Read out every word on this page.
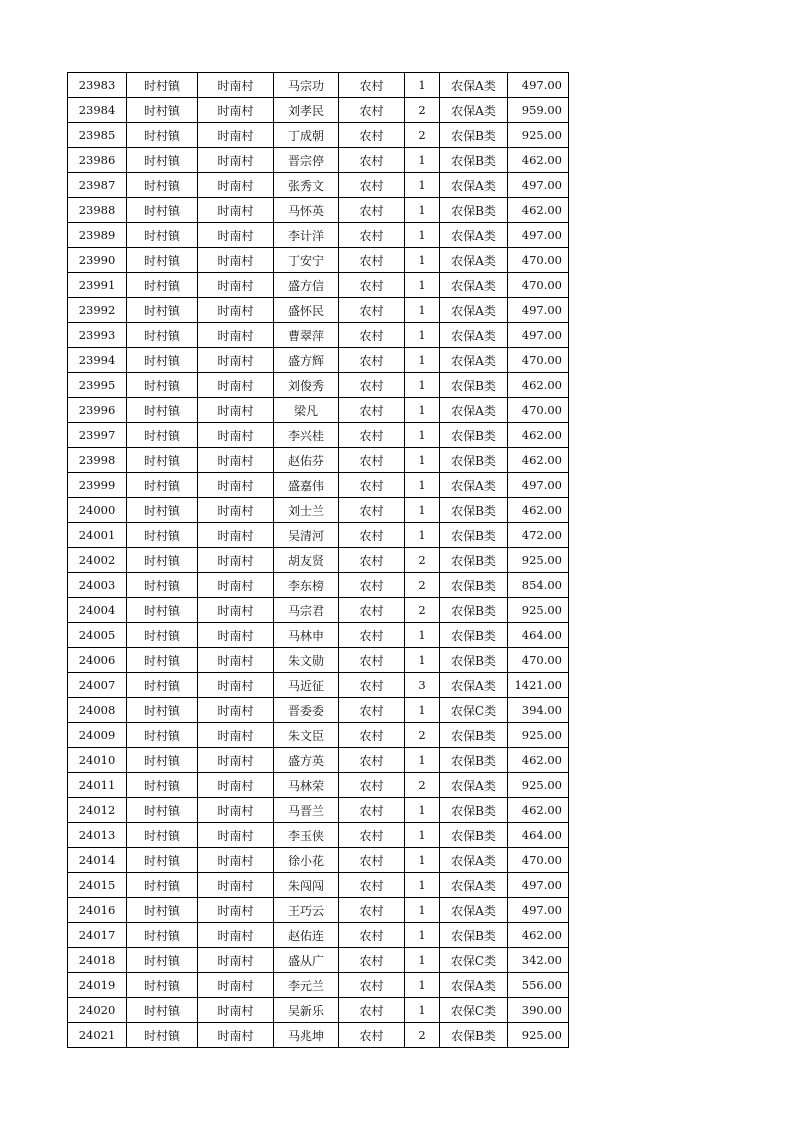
23983	时村镇	时南村	马宗功	农村	1	农保A类	497.00
23984	时村镇	时南村	刘孝民	农村	2	农保A类	959.00
23985	时村镇	时南村	丁成朝	农村	2	农保B类	925.00
23986	时村镇	时南村	晋宗停	农村	1	农保B类	462.00
23987	时村镇	时南村	张秀文	农村	1	农保A类	497.00
23988	时村镇	时南村	马怀英	农村	1	农保B类	462.00
23989	时村镇	时南村	李计洋	农村	1	农保A类	497.00
23990	时村镇	时南村	丁安宁	农村	1	农保A类	470.00
23991	时村镇	时南村	盛方信	农村	1	农保A类	470.00
23992	时村镇	时南村	盛怀民	农村	1	农保A类	497.00
23993	时村镇	时南村	曹翠萍	农村	1	农保A类	497.00
23994	时村镇	时南村	盛方辉	农村	1	农保A类	470.00
23995	时村镇	时南村	刘俊秀	农村	1	农保B类	462.00
23996	时村镇	时南村	梁凡	农村	1	农保A类	470.00
23997	时村镇	时南村	李兴桂	农村	1	农保B类	462.00
23998	时村镇	时南村	赵佑芬	农村	1	农保B类	462.00
23999	时村镇	时南村	盛嘉伟	农村	1	农保A类	497.00
24000	时村镇	时南村	刘士兰	农村	1	农保B类	462.00
24001	时村镇	时南村	吴清河	农村	1	农保B类	472.00
24002	时村镇	时南村	胡友贤	农村	2	农保B类	925.00
24003	时村镇	时南村	李东榜	农村	2	农保B类	854.00
24004	时村镇	时南村	马宗君	农村	2	农保B类	925.00
24005	时村镇	时南村	马林申	农村	1	农保B类	464.00
24006	时村镇	时南村	朱文勋	农村	1	农保B类	470.00
24007	时村镇	时南村	马近征	农村	3	农保A类	1421.00
24008	时村镇	时南村	晋委委	农村	1	农保C类	394.00
24009	时村镇	时南村	朱文臣	农村	2	农保B类	925.00
24010	时村镇	时南村	盛方英	农村	1	农保B类	462.00
24011	时村镇	时南村	马林荣	农村	2	农保A类	925.00
24012	时村镇	时南村	马晋兰	农村	1	农保B类	462.00
24013	时村镇	时南村	李玉侠	农村	1	农保B类	464.00
24014	时村镇	时南村	徐小花	农村	1	农保A类	470.00
24015	时村镇	时南村	朱闯闯	农村	1	农保A类	497.00
24016	时村镇	时南村	王巧云	农村	1	农保A类	497.00
24017	时村镇	时南村	赵佑连	农村	1	农保B类	462.00
24018	时村镇	时南村	盛从广	农村	1	农保C类	342.00
24019	时村镇	时南村	李元兰	农村	1	农保A类	556.00
24020	时村镇	时南村	吴新乐	农村	1	农保C类	390.00
24021	时村镇	时南村	马兆坤	农村	2	农保B类	925.00
